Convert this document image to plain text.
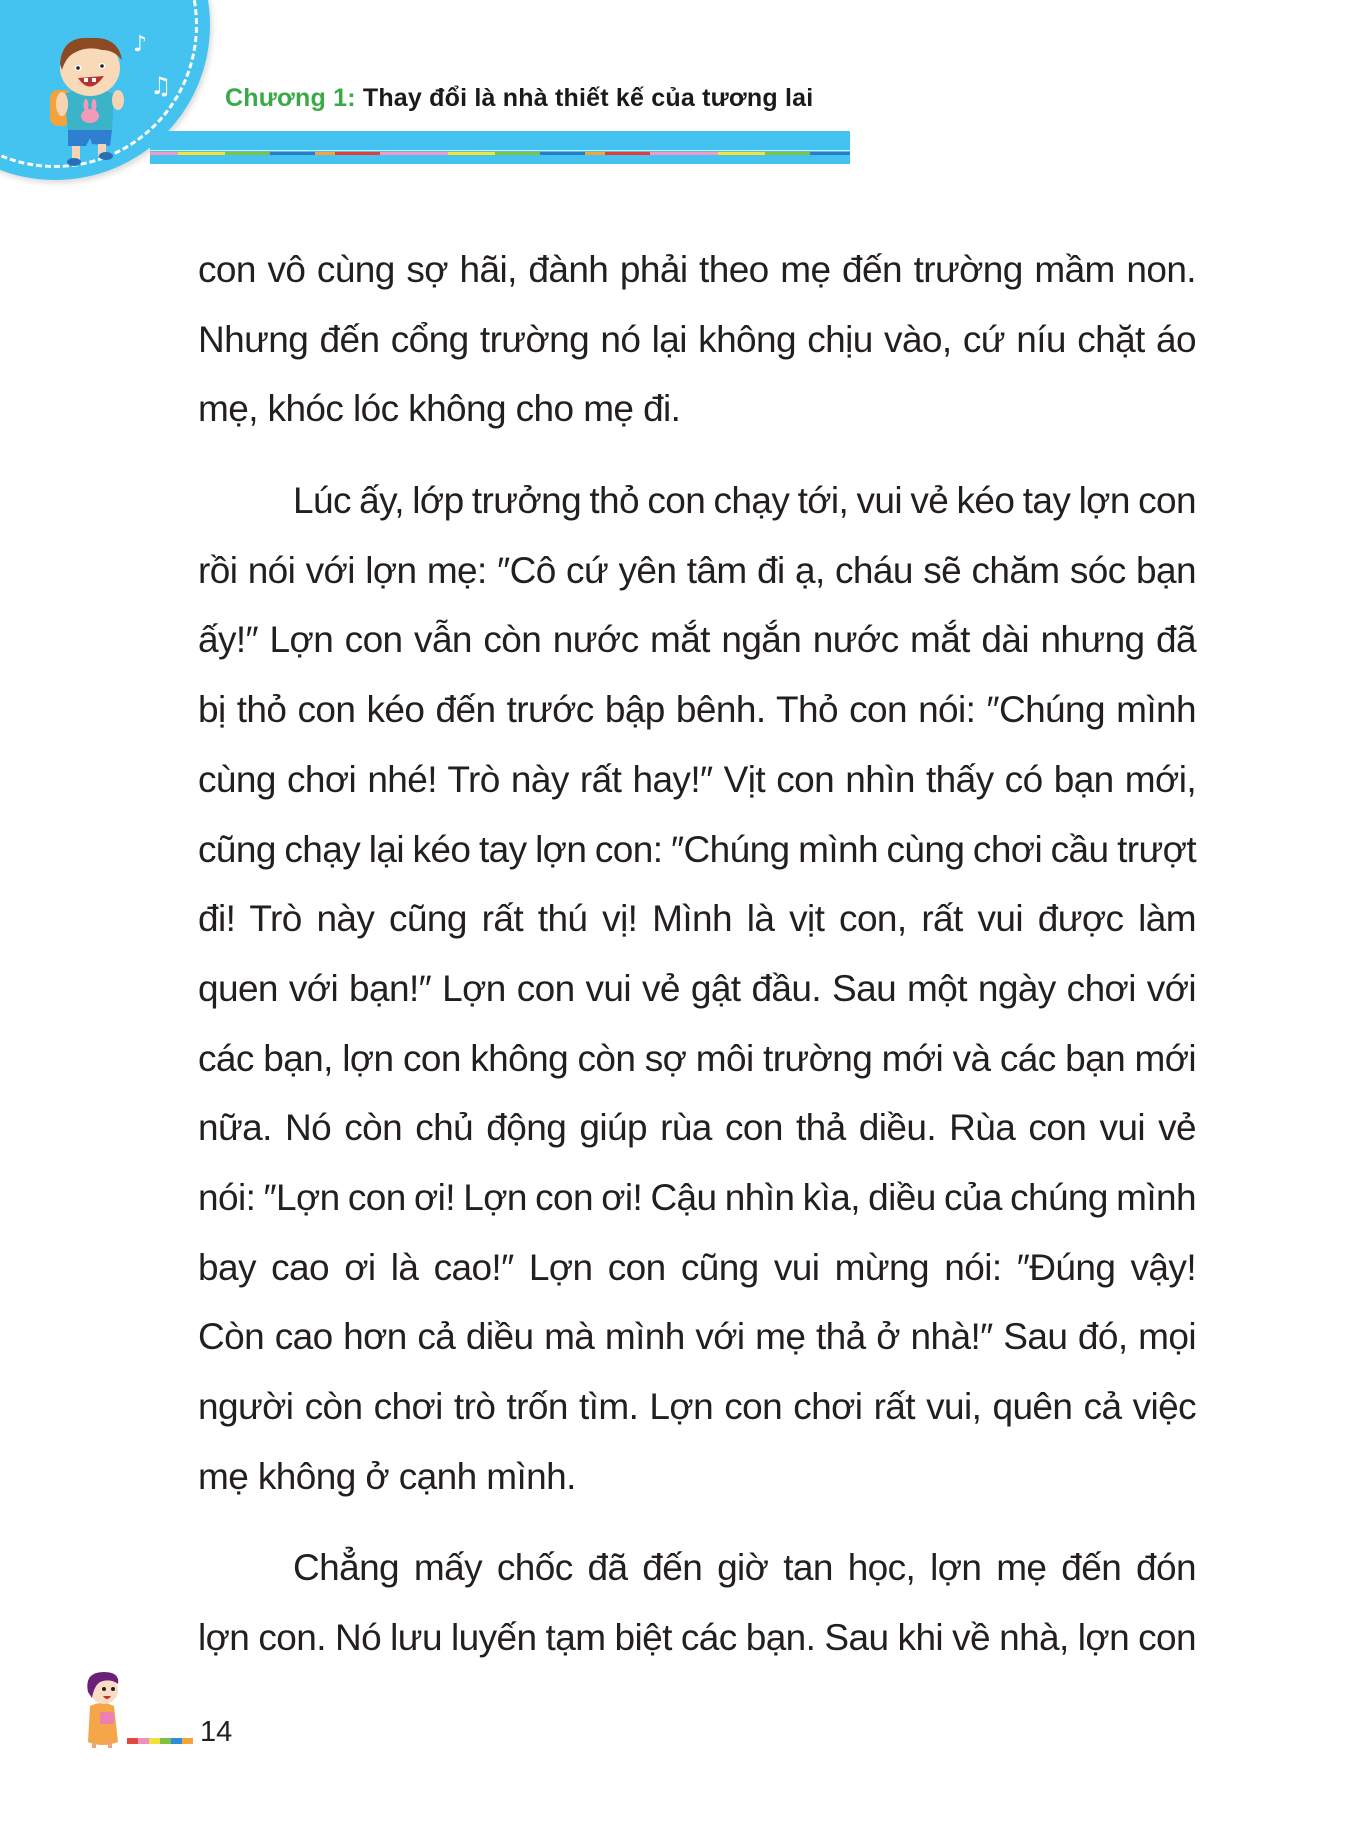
♪
♫ Chương 1: Thay đổi là nhà thiết kế của tương lai

con vô cùng sợ hãi, đành phải theo mẹ đến trường mầm non.
Nhưng đến cổng trường nó lại không chịu vào, cứ níu chặt áo
mẹ, khóc lóc không cho mẹ đi.

Lúc ấy, lớp trưởng thỏ con chạy tới, vui vẻ kéo tay lợn con
rồi nói với lợn mẹ: ″Cô cứ yên tâm đi ạ, cháu sẽ chăm sóc bạn
ấy!″ Lợn con vẫn còn nước mắt ngắn nước mắt dài nhưng đã
bị thỏ con kéo đến trước bập bênh. Thỏ con nói: ″Chúng mình
cùng chơi nhé! Trò này rất hay!″ Vịt con nhìn thấy có bạn mới,
cũng chạy lại kéo tay lợn con: ″Chúng mình cùng chơi cầu trượt
đi! Trò này cũng rất thú vị! Mình là vịt con, rất vui được làm
quen với bạn!″ Lợn con vui vẻ gật đầu. Sau một ngày chơi với
các bạn, lợn con không còn sợ môi trường mới và các bạn mới
nữa. Nó còn chủ động giúp rùa con thả diều. Rùa con vui vẻ
nói: ″Lợn con ơi! Lợn con ơi! Cậu nhìn kìa, diều của chúng mình
bay cao ơi là cao!″ Lợn con cũng vui mừng nói: ″Đúng vậy!
Còn cao hơn cả diều mà mình với mẹ thả ở nhà!″ Sau đó, mọi
người còn chơi trò trốn tìm. Lợn con chơi rất vui, quên cả việc
mẹ không ở cạnh mình.

Chẳng mấy chốc đã đến giờ tan học, lợn mẹ đến đón
lợn con. Nó lưu luyến tạm biệt các bạn. Sau khi về nhà, lợn con

14
